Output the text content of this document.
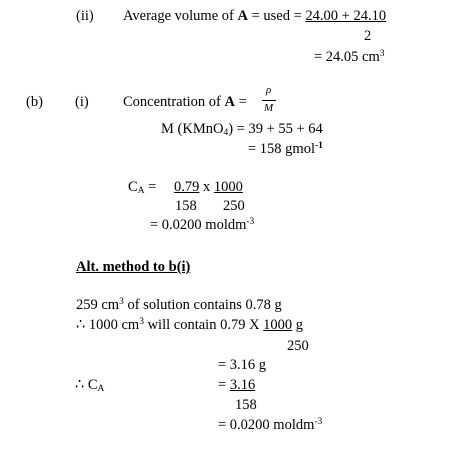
(ii) Average volume of A = used = 24.00 + 24.10
2
= 24.05 $cm^3$
(b) (i) Concentration of A =
ρ
M
M (KMnO$_4$) = 39 + 55 + 64
= 158 gmol$^{-1}$
$C_A = 0.79$ x 1000
158 250
= 0.0200 moldm$^{-3}$
Alt. method to b(i)
259 $cm^3$ of solution contains 0.78 g
∴ 1000 $cm^3$ will contain 0.79 X 1000 g
250
= 3.16 g
∴ $C_A$	= 3.16
158
= 0.0200 moldm$^{-3}$
